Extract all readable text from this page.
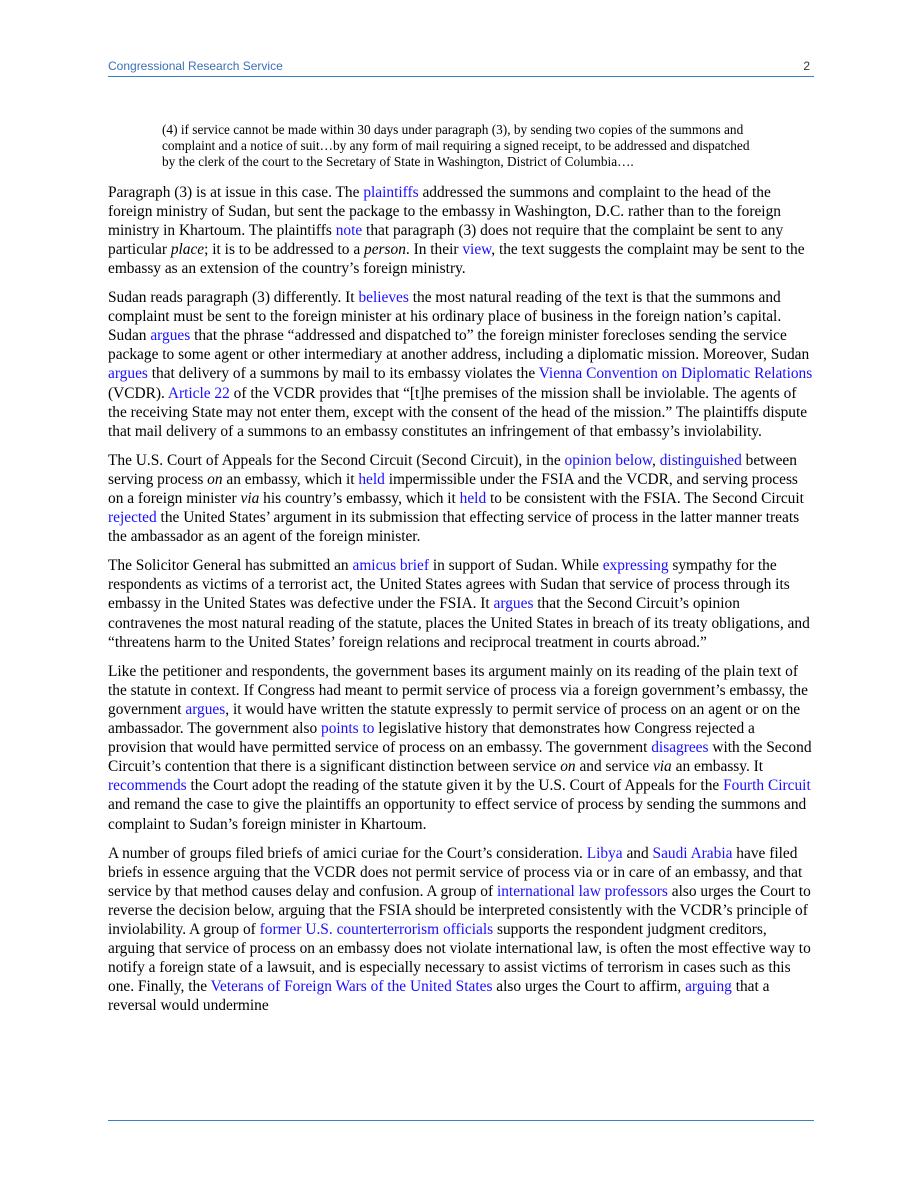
Congressional Research Service	2
(4) if service cannot be made within 30 days under paragraph (3), by sending two copies of the summons and complaint and a notice of suit…by any form of mail requiring a signed receipt, to be addressed and dispatched by the clerk of the court to the Secretary of State in Washington, District of Columbia….

Paragraph (3) is at issue in this case. The plaintiffs addressed the summons and complaint to the head of the foreign ministry of Sudan, but sent the package to the embassy in Washington, D.C. rather than to the foreign ministry in Khartoum. The plaintiffs note that paragraph (3) does not require that the complaint be sent to any particular place; it is to be addressed to a person. In their view, the text suggests the complaint may be sent to the embassy as an extension of the country’s foreign ministry.

Sudan reads paragraph (3) differently. It believes the most natural reading of the text is that the summons and complaint must be sent to the foreign minister at his ordinary place of business in the foreign nation’s capital. Sudan argues that the phrase “addressed and dispatched to” the foreign minister forecloses sending the service package to some agent or other intermediary at another address, including a diplomatic mission. Moreover, Sudan argues that delivery of a summons by mail to its embassy violates the Vienna Convention on Diplomatic Relations (VCDR). Article 22 of the VCDR provides that “[t]he premises of the mission shall be inviolable. The agents of the receiving State may not enter them, except with the consent of the head of the mission.” The plaintiffs dispute that mail delivery of a summons to an embassy constitutes an infringement of that embassy’s inviolability.

The U.S. Court of Appeals for the Second Circuit (Second Circuit), in the opinion below, distinguished between serving process on an embassy, which it held impermissible under the FSIA and the VCDR, and serving process on a foreign minister via his country’s embassy, which it held to be consistent with the FSIA. The Second Circuit rejected the United States’ argument in its submission that effecting service of process in the latter manner treats the ambassador as an agent of the foreign minister.

The Solicitor General has submitted an amicus brief in support of Sudan. While expressing sympathy for the respondents as victims of a terrorist act, the United States agrees with Sudan that service of process through its embassy in the United States was defective under the FSIA. It argues that the Second Circuit’s opinion contravenes the most natural reading of the statute, places the United States in breach of its treaty obligations, and “threatens harm to the United States’ foreign relations and reciprocal treatment in courts abroad.”

Like the petitioner and respondents, the government bases its argument mainly on its reading of the plain text of the statute in context. If Congress had meant to permit service of process via a foreign government’s embassy, the government argues, it would have written the statute expressly to permit service of process on an agent or on the ambassador. The government also points to legislative history that demonstrates how Congress rejected a provision that would have permitted service of process on an embassy. The government disagrees with the Second Circuit’s contention that there is a significant distinction between service on and service via an embassy. It recommends the Court adopt the reading of the statute given it by the U.S. Court of Appeals for the Fourth Circuit and remand the case to give the plaintiffs an opportunity to effect service of process by sending the summons and complaint to Sudan’s foreign minister in Khartoum.

A number of groups filed briefs of amici curiae for the Court’s consideration. Libya and Saudi Arabia have filed briefs in essence arguing that the VCDR does not permit service of process via or in care of an embassy, and that service by that method causes delay and confusion. A group of international law professors also urges the Court to reverse the decision below, arguing that the FSIA should be interpreted consistently with the VCDR’s principle of inviolability. A group of former U.S. counterterrorism officials supports the respondent judgment creditors, arguing that service of process on an embassy does not violate international law, is often the most effective way to notify a foreign state of a lawsuit, and is especially necessary to assist victims of terrorism in cases such as this one. Finally, the Veterans of Foreign Wars of the United States also urges the Court to affirm, arguing that a reversal would undermine
